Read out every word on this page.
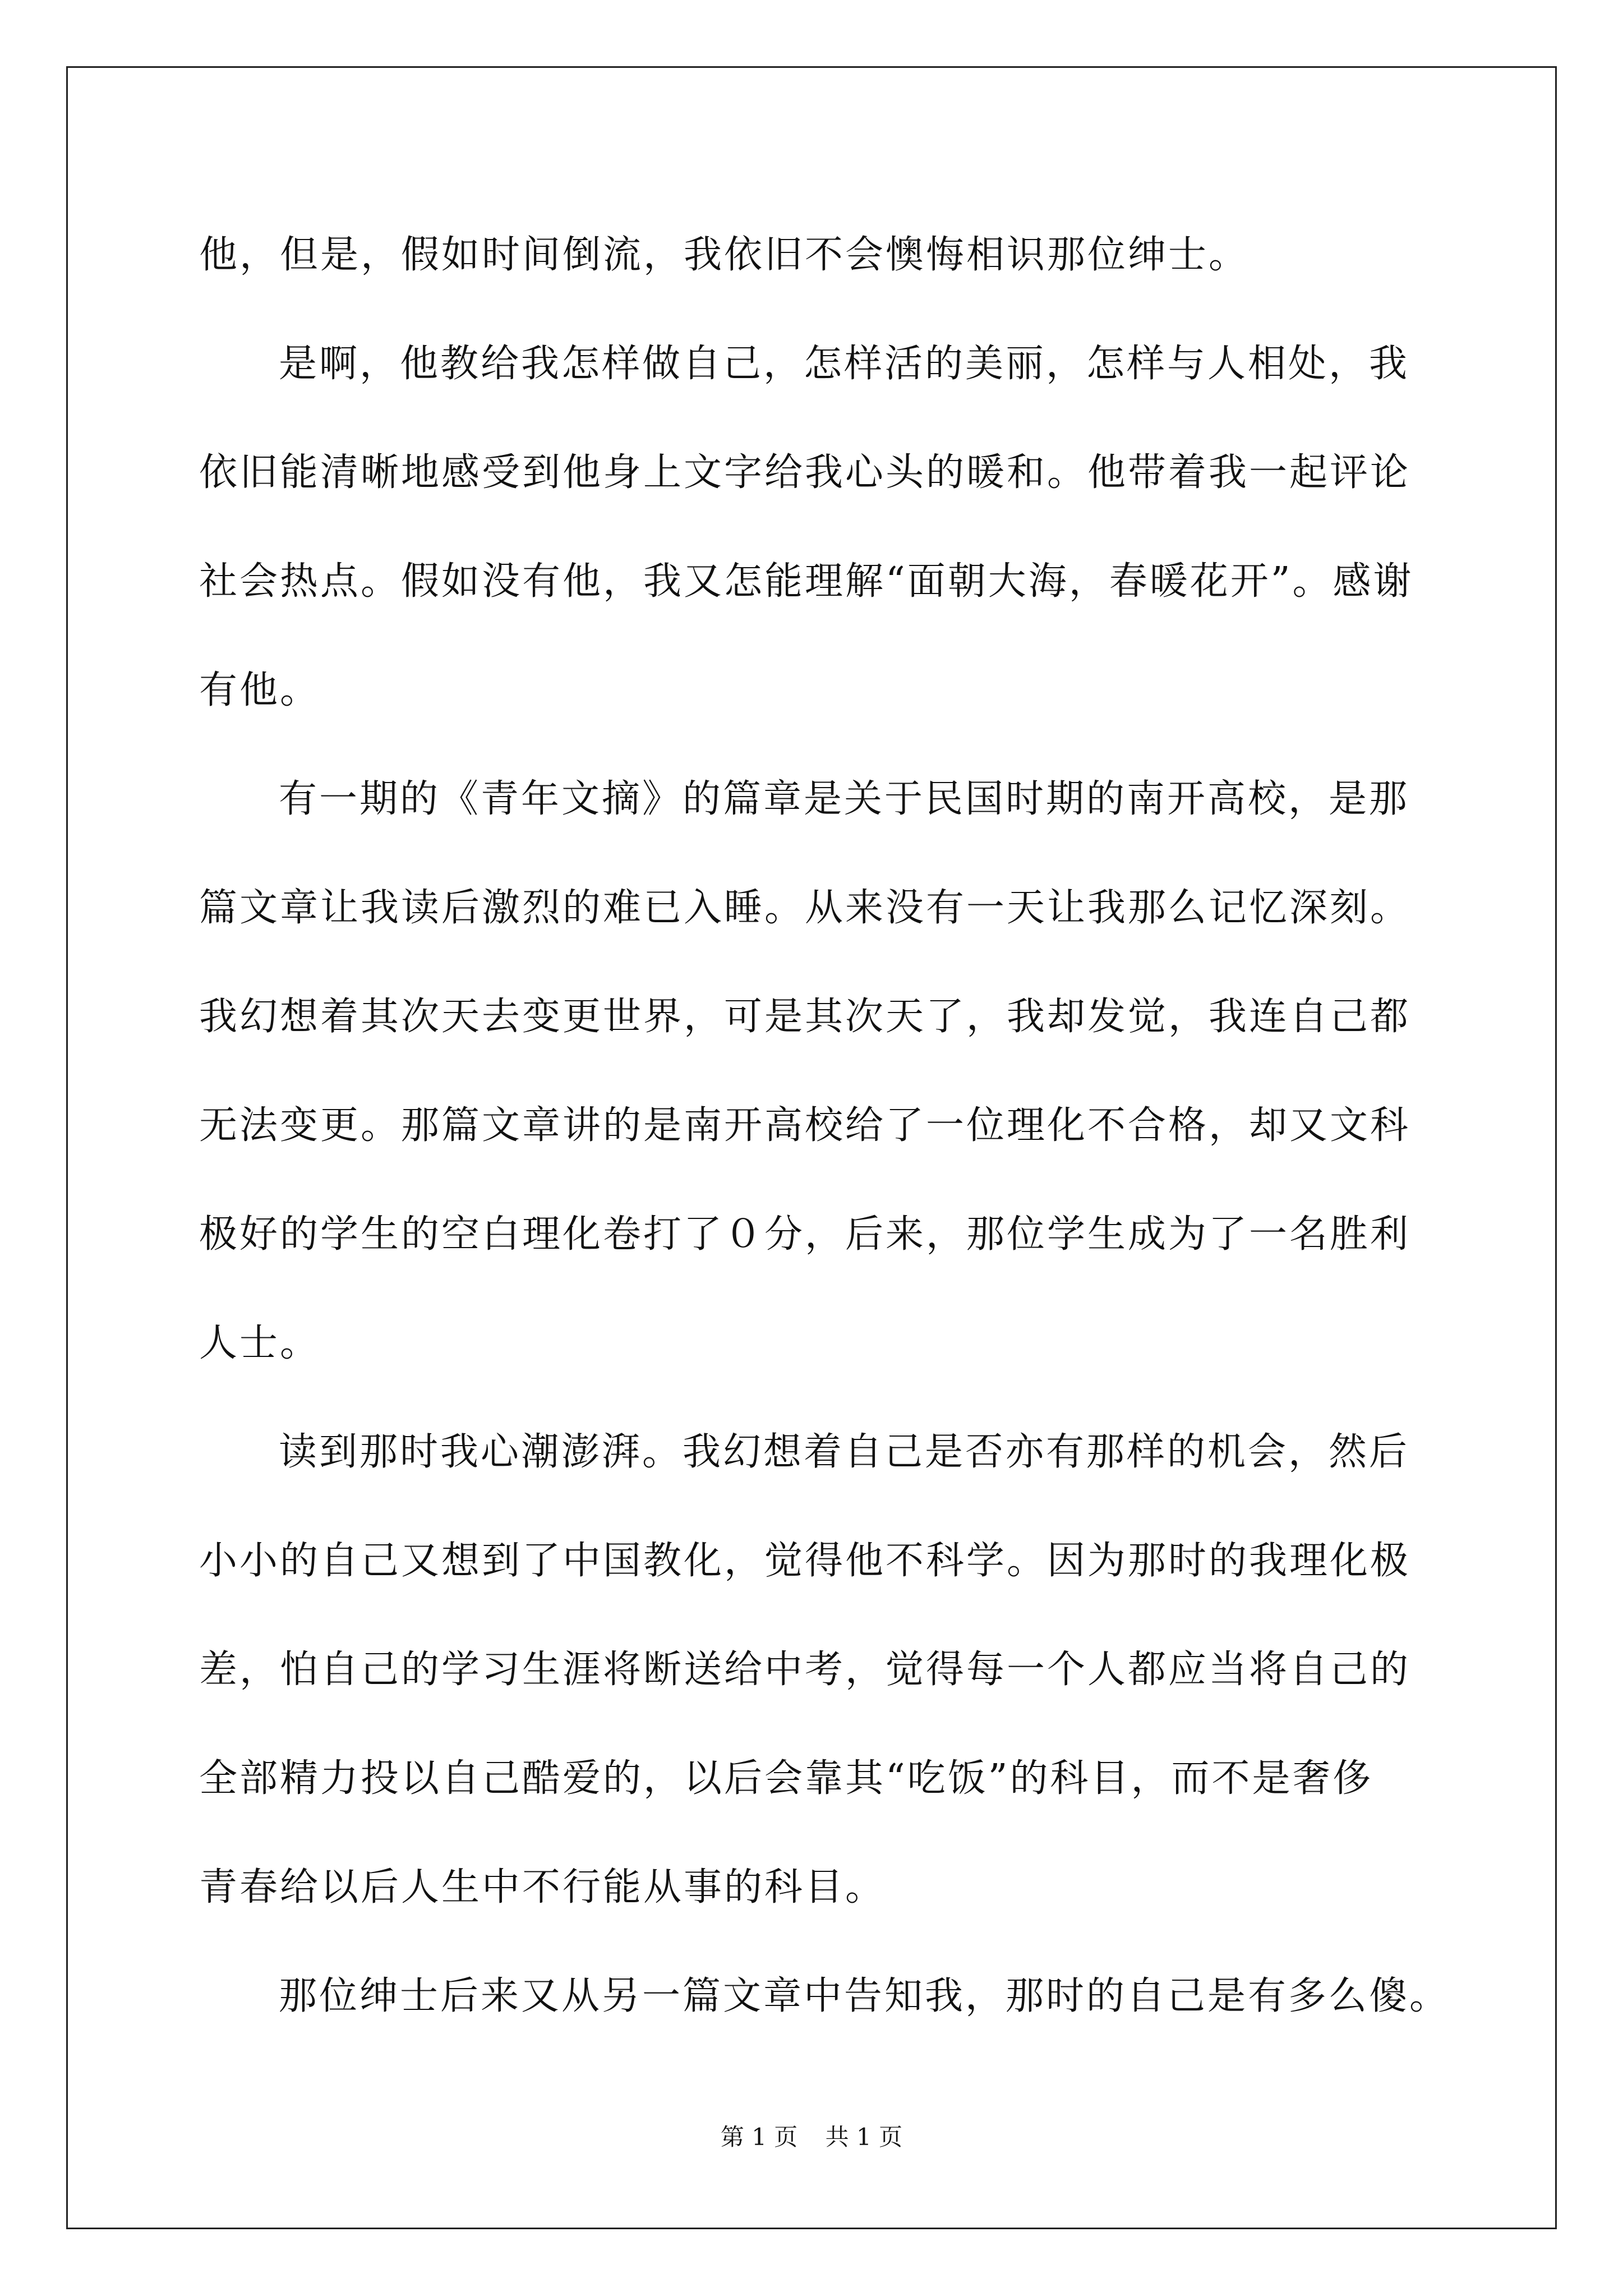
他，但是，假如时间倒流，我依旧不会懊悔相识那位绅士。
是啊，他教给我怎样做自己，怎样活的美丽，怎样与人相处，我
依旧能清晰地感受到他身上文字给我心头的暖和。他带着我一起评论
社会热点。假如没有他，我又怎能理解“面朝大海，春暖花开”。感谢
有他。
有一期的《青年文摘》的篇章是关于民国时期的南开高校，是那
篇文章让我读后激烈的难已入睡。从来没有一天让我那么记忆深刻。
我幻想着其次天去变更世界，可是其次天了，我却发觉，我连自己都
无法变更。那篇文章讲的是南开高校给了一位理化不合格，却又文科
极好的学生的空白理化卷打了０分，后来，那位学生成为了一名胜利
人士。
读到那时我心潮澎湃。我幻想着自己是否亦有那样的机会，然后
小小的自己又想到了中国教化，觉得他不科学。因为那时的我理化极
差，怕自己的学习生涯将断送给中考，觉得每一个人都应当将自己的
全部精力投以自己酷爱的，以后会靠其“吃饭”的科目，而不是奢侈
青春给以后人生中不行能从事的科目。
那位绅士后来又从另一篇文章中告知我，那时的自己是有多么傻。
第 1 页 共 1 页
